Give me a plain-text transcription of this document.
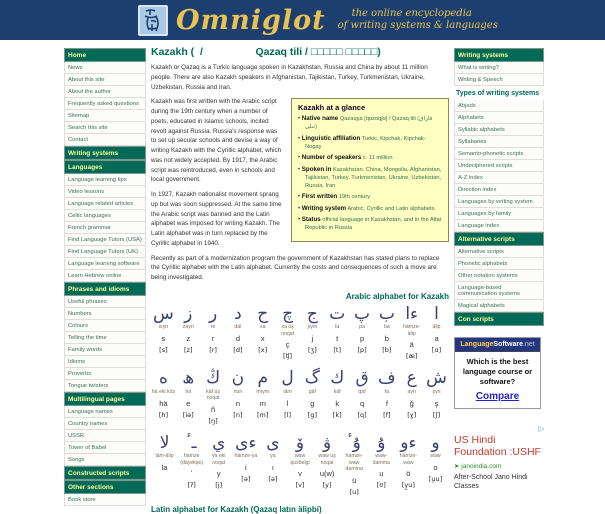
Omniglot	the online encyclopedia
of writing systems & languages
Home
News
About this site
About the author
Frequently asked questions
Sitemap
Search this site
Contact
Writing systems
Languages
Language learning tips
Video lessons
Language related articles
Celtic languages
French grammar
Find Language Tutors (USA)
Find Language Tutors (UK)
Language learning software
Learn Hebrew online
Phrases and idioms
Useful phrases
Numbers
Colours
Telling the time
Family words
Idioms
Proverbs
Tongue twisters
Multilingual pages
Language names
Country names
USSR
Tower of Babel
Songs
Constructed scripts
Other sections
Book store
Kazakh (  /                  Qazaq tili / □□□□□ □□□□□)

Kazakh or Qazaq is a Turkic language spoken in Kazakhstan, Russia and China by about 11 million people. There are also Kazakh speakers in Afghanistan, Tajikistan, Turkey, Turkmenistan, Ukraine, Uzbekistan, Russia and Iran.

Kazakh at a glance
• Native name Qazaqşa [qɑzɑqʃɑ] / Qazaq tili (قازاق تىلى)
• Linguistic affiliation Turkic, Kipchak, Kipchak-Nogay
• Number of speakers c. 11 million
• Spoken in Kazakhstan, China, Mongolia, Afghanistan, Tajikistan, Turkey, Turkmenistan, Ukraine, Uzbekistan, Russia, Iran
• First written 19th century
• Writing system Arabic, Cyrillic and Latin alphabets
• Status official language in Kazakhstan, and in the Altai Republic in Russia

Kazakh was first written with the Arabic script during the 19th century when a number of poets, educated in Islamic schools, incited revolt against Russia. Russia's response was to set up secular schools and devise a way of writing Kazakh with the Cyrillic alphabet, which was not widely accepted. By 1917, the Arabic script was reintroduced, even in schools and local government.

In 1927, Kazakh nationalist movement sprang up but was soon suppressed. At the same time the Arabic script was banned and the Latin alphabet was imposed for writing Kazakh. The Latin alphabet was in turn replaced by the Cyrillic alphabet in 1940.

Recently as part of a modernization program the government of Kazakhstan has stated plans to replace the Cyrillic alphabet with the Latin alphabet. Currently the costs and consequences of such a move are being investigated.

Arabic alphabet for Kazakh
س
sıyn
s
[s]
ز
zayn
z
[z]
ر
re
r
[r]
د
däl
d
[d]
ح
xa
x
[x]
چ
xa üş noqat
ç
[ʧ]
ج
jıym
j
[ʒ]
ت
ta
t
[t]
پ
pa
p
[p]
ب
ba
b
[b]
ءا
hämze-älip
ä
[æ]
ا
älip
a
[ɑ]
ە
hä eki köz
hä
[h]
ھ
hä
e
[iə]
ڭ
käf üş noqat
ñ
[ŋ]
ن
nun
n
[n]
م
mıym
m
[m]
ل
läm
l
[l]
گ
gäf
g
[g]
ك
käf
k
[k]
ق
qaf
q
[q]
ف
fa
f
[f]
ع
ayn
ğ
[ɣ]
ش
şyn
ş
[ʃ]
لا
läm-älip
la
ـٴ
hämze (däyekşe)
ʼ
[ʔ]
ي
ya eki noqat
y
[j]
ءى
hämze-ya
i
[ə]
ى
ya
ı
[ə]
ۆ
waw qusbelgi
v
[v]
ۋ
waw üş noqat
u(w)
[y]
ۇٴ
hämze-waw damma
ü
[u]
ۇ
waw-damma
u
[ʊ]
ءو
hämze-waw
ö
[y̯u]
و
waw
o
[u̯u]
Latin alphabet for Kazakh (Qazaq latın älipbi)
Writing systems
What is writing?
Writing & Speech
Types of writing systems
Abjads
Alphabets
Syllabic alphabets
Syllabaries
Semanto-phonetic scripts
Undeciphered scripts
A-Z index
Direction index
Languages by writing system
Languages by family
Language index
Alternative scripts
Alternative scripts
Phonetic alphabets
Other notation systems
Language-based communication systems
Magical alphabets
Con scripts
LanguageSoftware.net
Which is the best language course or software?
Compare
▷
US Hindi Foundation :USHF
➤ janoindia.com
After-School Jano Hindi Classes
